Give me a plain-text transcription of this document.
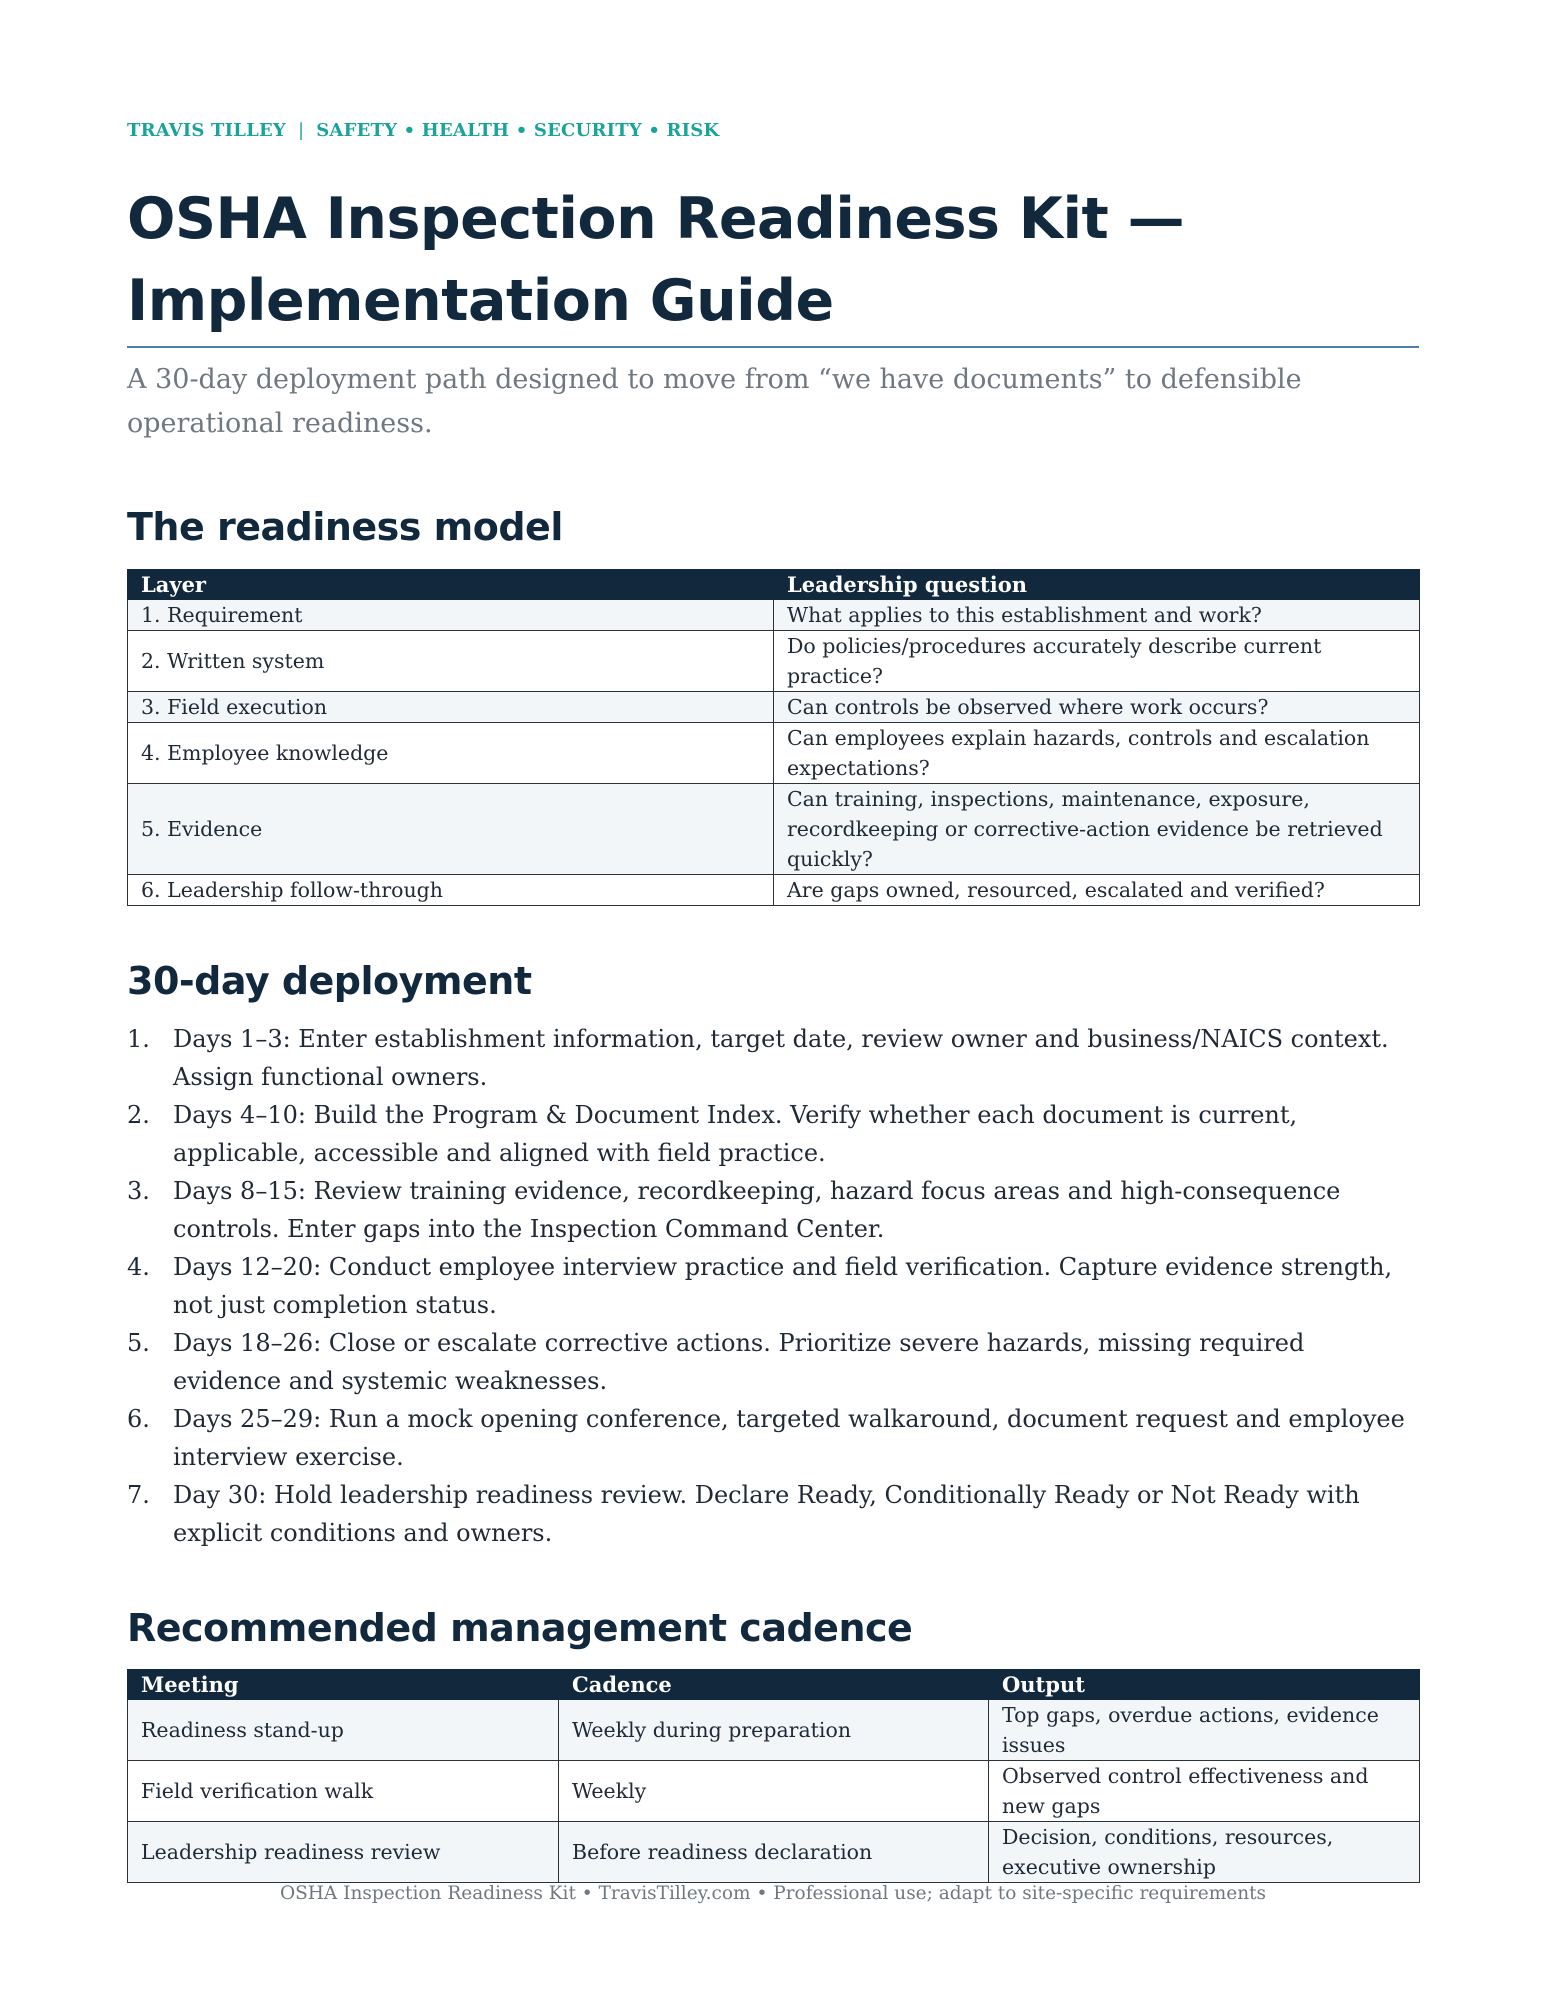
TRAVIS TILLEY | SAFETY • HEALTH • SECURITY • RISK
OSHA Inspection Readiness Kit — Implementation Guide

A 30-day deployment path designed to move from “we have documents” to defensible operational readiness.

The readiness model
Layer	Leadership question
1. Requirement	What applies to this establishment and work?
2. Written system	Do policies/procedures accurately describe current practice?
3. Field execution	Can controls be observed where work occurs?
4. Employee knowledge	Can employees explain hazards, controls and escalation expectations?
5. Evidence	Can training, inspections, maintenance, exposure, recordkeeping or corrective-action evidence be retrieved quickly?
6. Leadership follow-through	Are gaps owned, resourced, escalated and verified?
30-day deployment
1. Days 1–3: Enter establishment information, target date, review owner and business/NAICS context. Assign functional owners.
2. Days 4–10: Build the Program & Document Index. Verify whether each document is current, applicable, accessible and aligned with field practice.
3. Days 8–15: Review training evidence, recordkeeping, hazard focus areas and high-consequence controls. Enter gaps into the Inspection Command Center.
4. Days 12–20: Conduct employee interview practice and field verification. Capture evidence strength, not just completion status.
5. Days 18–26: Close or escalate corrective actions. Prioritize severe hazards, missing required evidence and systemic weaknesses.
6. Days 25–29: Run a mock opening conference, targeted walkaround, document request and employee interview exercise.
7. Day 30: Hold leadership readiness review. Declare Ready, Conditionally Ready or Not Ready with explicit conditions and owners.
Recommended management cadence
Meeting	Cadence	Output
Readiness stand-up	Weekly during preparation	Top gaps, overdue actions, evidence issues
Field verification walk	Weekly	Observed control effectiveness and new gaps
Leadership readiness review	Before readiness declaration	Decision, conditions, resources, executive ownership
OSHA Inspection Readiness Kit • TravisTilley.com • Professional use; adapt to site-specific requirements
